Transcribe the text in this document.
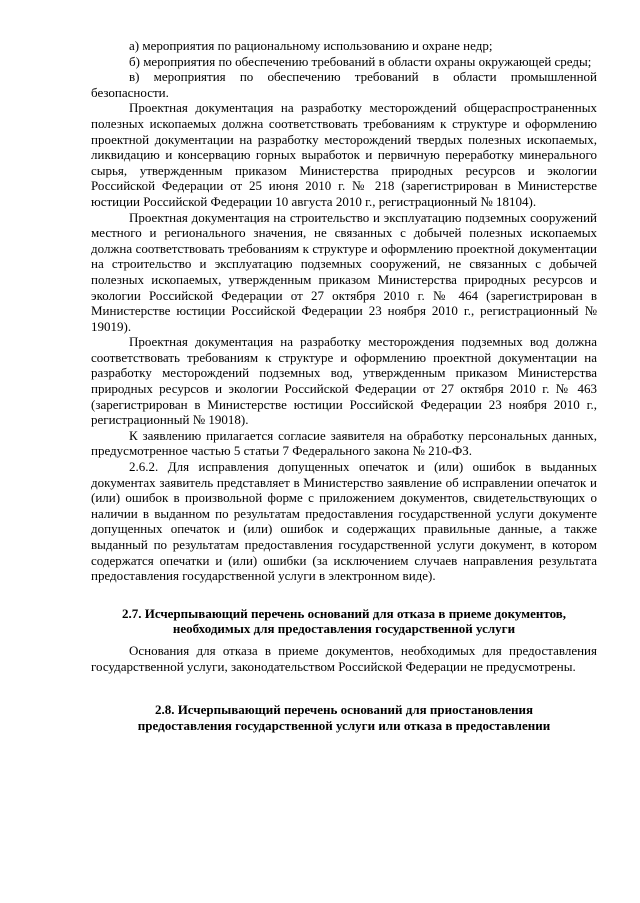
а) мероприятия по рациональному использованию и охране недр;

б) мероприятия по обеспечению требований в области охраны окружающей среды;

в) мероприятия по обеспечению требований в области промышленной безопасности.

Проектная документация на разработку месторождений общераспространенных полезных ископаемых должна соответствовать требованиям к структуре и оформлению проектной документации на разработку месторождений твердых полезных ископаемых, ликвидацию и консервацию горных выработок и первичную переработку минерального сырья, утвержденным приказом Министерства природных ресурсов и экологии Российской Федерации от 25 июня 2010 г. № 218 (зарегистрирован в Министерстве юстиции Российской Федерации 10 августа 2010 г., регистрационный № 18104).

Проектная документация на строительство и эксплуатацию подземных сооружений местного и регионального значения, не связанных с добычей полезных ископаемых должна соответствовать требованиям к структуре и оформлению проектной документации на строительство и эксплуатацию подземных сооружений, не связанных с добычей полезных ископаемых, утвержденным приказом Министерства природных ресурсов и экологии Российской Федерации от 27 октября 2010 г. № 464 (зарегистрирован в Министерстве юстиции Российской Федерации 23 ноября 2010 г., регистрационный № 19019).

Проектная документация на разработку месторождения подземных вод должна соответствовать требованиям к структуре и оформлению проектной документации на разработку месторождений подземных вод, утвержденным приказом Министерства природных ресурсов и экологии Российской Федерации от 27 октября 2010 г. № 463 (зарегистрирован в Министерстве юстиции Российской Федерации 23 ноября 2010 г., регистрационный № 19018).

К заявлению прилагается согласие заявителя на обработку персональных данных, предусмотренное частью 5 статьи 7 Федерального закона № 210-ФЗ.

2.6.2. Для исправления допущенных опечаток и (или) ошибок в выданных документах заявитель представляет в Министерство заявление об исправлении опечаток и (или) ошибок в произвольной форме с приложением документов, свидетельствующих о наличии в выданном по результатам предоставления государственной услуги документе допущенных опечаток и (или) ошибок и содержащих правильные данные, а также выданный по результатам предоставления государственной услуги документ, в котором содержатся опечатки и (или) ошибки (за исключением случаев направления результата предоставления государственной услуги в электронном виде).

2.7. Исчерпывающий перечень оснований для отказа в приеме документов,
необходимых для предоставления государственной услуги

Основания для отказа в приеме документов, необходимых для предоставления государственной услуги, законодательством Российской Федерации не предусмотрены.

2.8. Исчерпывающий перечень оснований для приостановления
предоставления государственной услуги или отказа в предоставлении
